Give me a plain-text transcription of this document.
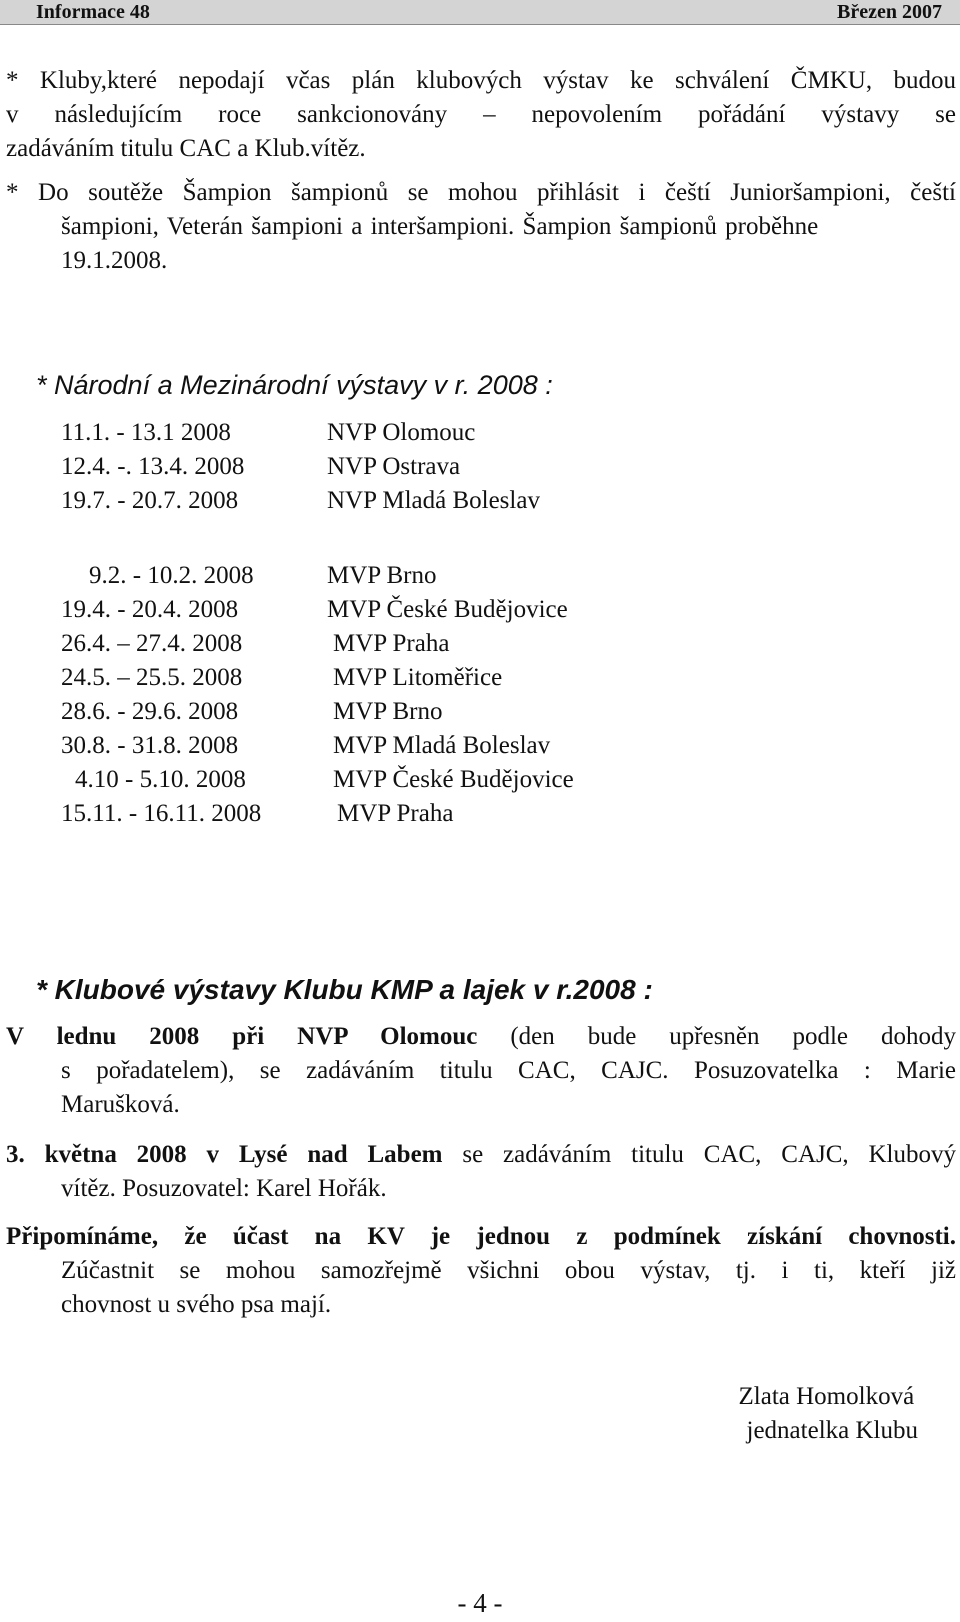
Informace 48	Březen 2007
* Kluby,které nepodají včas plán klubových výstav ke schválení ČMKU, budou
v následujícím roce sankcionovány – nepovolením pořádání výstavy se
zadáváním titulu CAC a Klub.vítěz.
* Do soutěže Šampion šampionů se mohou přihlásit i čeští Junioršampioni, čeští
šampioni, Veterán šampioni a interšampioni. Šampion šampionů proběhne
19.1.2008.
* Národní a Mezinárodní výstavy v r. 2008 :
11.1. - 13.1 2008	NVP Olomouc
12.4. -. 13.4. 2008	NVP Ostrava
19.7. - 20.7. 2008	NVP Mladá Boleslav
9.2. - 10.2. 2008	MVP Brno
19.4. - 20.4. 2008	MVP České Budějovice
26.4. – 27.4. 2008	MVP Praha
24.5. – 25.5. 2008	MVP Litoměřice
28.6. - 29.6. 2008	MVP Brno
30.8. - 31.8. 2008	MVP Mladá Boleslav
4.10 - 5.10. 2008	MVP České Budějovice
15.11. - 16.11. 2008	MVP Praha
* Klubové výstavy Klubu KMP a lajek v r.2008 :
V lednu 2008 při NVP Olomouc (den bude upřesněn podle dohody
s pořadatelem), se zadáváním titulu CAC, CAJC. Posuzovatelka : Marie
Marušková.
3. května 2008 v Lysé nad Labem se zadáváním titulu CAC, CAJC, Klubový
vítěz. Posuzovatel: Karel Hořák.
Připomínáme, že účast na KV je jednou z podmínek získání chovnosti.
Zúčastnit se mohou samozřejmě všichni obou výstav, tj. i ti, kteří již
chovnost u svého psa mají.
Zlata Homolková
jednatelka Klubu
- 4 -
